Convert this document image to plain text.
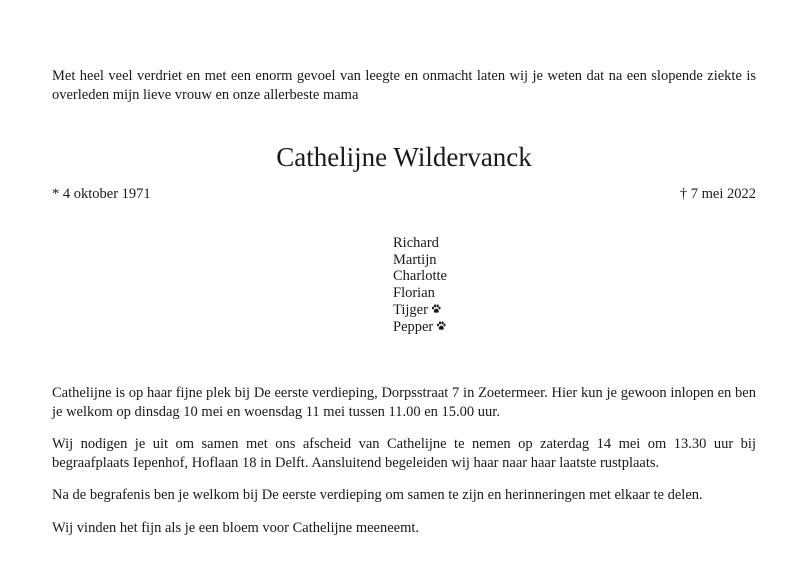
Met heel veel verdriet en met een enorm gevoel van leegte en onmacht laten wij je weten dat na een slopende ziekte is overleden mijn lieve vrouw en onze allerbeste mama

Cathelijne Wildervanck
* 4 oktober 1971	† 7 mei 2022
Richard
Martijn
Charlotte
Florian
Tijger
Pepper

Cathelijne is op haar fijne plek bij De eerste verdieping, Dorpsstraat 7 in Zoetermeer. Hier kun je gewoon inlopen en ben je welkom op dinsdag 10 mei en woensdag 11 mei tussen 11.00 en 15.00 uur.

Wij nodigen je uit om samen met ons afscheid van Cathelijne te nemen op zaterdag 14 mei om 13.30 uur bij begraafplaats Iepenhof, Hoflaan 18 in Delft. Aansluitend begeleiden wij haar naar haar laatste rustplaats.

Na de begrafenis ben je welkom bij De eerste verdieping om samen te zijn en herinneringen met elkaar te delen.

Wij vinden het fijn als je een bloem voor Cathelijne meeneemt.
